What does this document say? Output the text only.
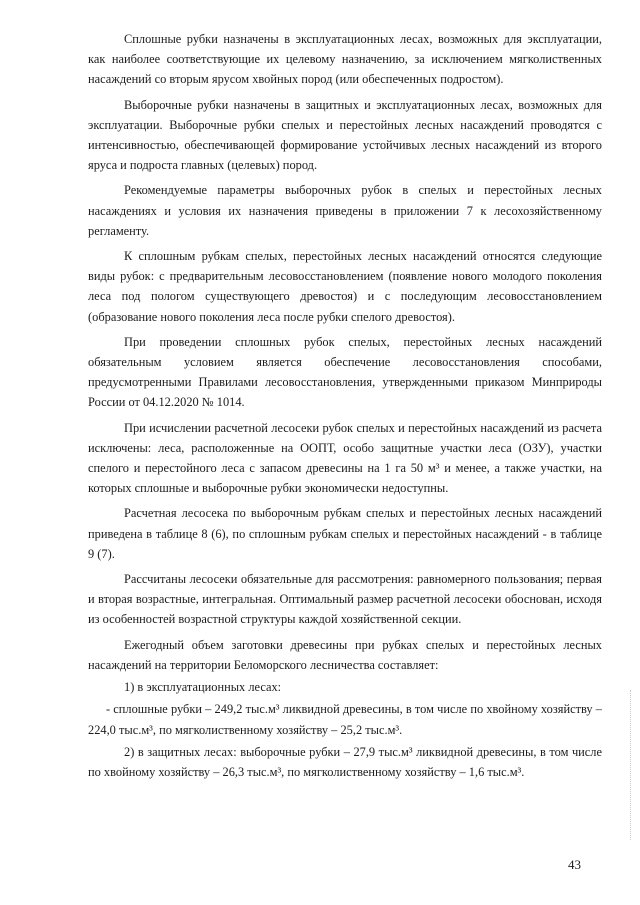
Сплошные рубки назначены в эксплуатационных лесах, возможных для эксплуатации, как наиболее соответствующие их целевому назначению, за исключением мягколиственных насаждений со вторым ярусом хвойных пород (или обеспеченных подростом).

Выборочные рубки назначены в защитных и эксплуатационных лесах, возможных для эксплуатации. Выборочные рубки спелых и перестойных лесных насаждений проводятся с интенсивностью, обеспечивающей формирование устойчивых лесных насаждений из второго яруса и подроста главных (целевых) пород.

Рекомендуемые параметры выборочных рубок в спелых и перестойных лесных насаждениях и условия их назначения приведены в приложении 7 к лесохозяйственному регламенту.

К сплошным рубкам спелых, перестойных лесных насаждений относятся следующие виды рубок: с предварительным лесовосстановлением (появление нового молодого поколения леса под пологом существующего древостоя) и с последующим лесовосстановлением (образование нового поколения леса после рубки спелого древостоя).

При проведении сплошных рубок спелых, перестойных лесных насаждений обязательным условием является обеспечение лесовосстановления способами, предусмотренными Правилами лесовосстановления, утвержденными приказом Минприроды России от 04.12.2020 № 1014.

При исчислении расчетной лесосеки рубок спелых и перестойных насаждений из расчета исключены: леса, расположенные на ООПТ, особо защитные участки леса (ОЗУ), участки спелого и перестойного леса с запасом древесины на 1 га 50 м³ и менее, а также участки, на которых сплошные и выборочные рубки экономически недоступны.

Расчетная лесосека по выборочным рубкам спелых и перестойных лесных насаждений приведена в таблице 8 (6), по сплошным рубкам спелых и перестойных насаждений - в таблице 9 (7).

Рассчитаны лесосеки обязательные для рассмотрения: равномерного пользования; первая и вторая возрастные, интегральная. Оптимальный размер расчетной лесосеки обоснован, исходя из особенностей возрастной структуры каждой хозяйственной секции.

Ежегодный объем заготовки древесины при рубках спелых и перестойных лесных насаждений на территории Беломорского лесничества составляет:

1) в эксплуатационных лесах:

- сплошные рубки – 249,2 тыс.м³ ликвидной древесины, в том числе по хвойному хозяйству – 224,0 тыс.м³, по мягколиственному хозяйству – 25,2 тыс.м³.

2) в защитных лесах: выборочные рубки – 27,9 тыс.м³ ликвидной древесины, в том числе по хвойному хозяйству – 26,3 тыс.м³, по мягколиственному хозяйству – 1,6 тыс.м³.

43
